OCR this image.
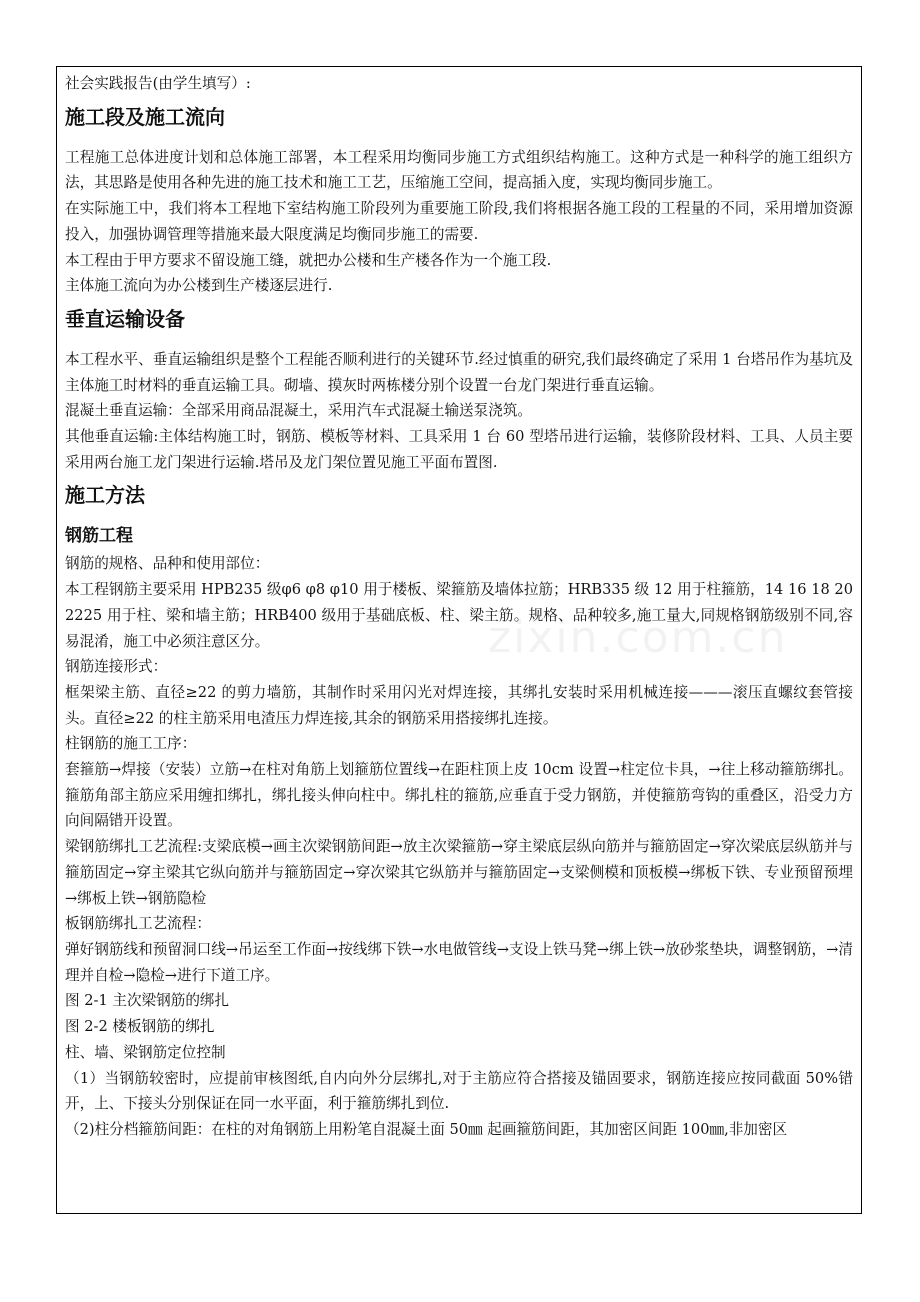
社会实践报告(由学生填写）:

施工段及施工流向

工程施工总体进度计划和总体施工部署，本工程采用均衡同步施工方式组织结构施工。这种方式是一种科学的施工组织方法，其思路是使用各种先进的施工技术和施工工艺，压缩施工空间，提高插入度，实现均衡同步施工。

在实际施工中，我们将本工程地下室结构施工阶段列为重要施工阶段,我们将根据各施工段的工程量的不同，采用增加资源投入，加强协调管理等措施来最大限度满足均衡同步施工的需要.

本工程由于甲方要求不留设施工缝，就把办公楼和生产楼各作为一个施工段.

主体施工流向为办公楼到生产楼逐层进行.

垂直运输设备

本工程水平、垂直运输组织是整个工程能否顺利进行的关键环节.经过慎重的研究,我们最终确定了采用 1 台塔吊作为基坑及主体施工时材料的垂直运输工具。砌墙、摸灰时两栋楼分别个设置一台龙门架进行垂直运输。

混凝土垂直运输：全部采用商品混凝土，采用汽车式混凝土输送泵浇筑。

其他垂直运输:主体结构施工时，钢筋、模板等材料、工具采用 1 台 60 型塔吊进行运输，装修阶段材料、工具、人员主要采用两台施工龙门架进行运输.塔吊及龙门架位置见施工平面布置图.

施工方法
钢筋工程

钢筋的规格、品种和使用部位：

本工程钢筋主要采用 HPB235 级φ6 φ8 φ10 用于楼板、梁箍筋及墙体拉筋；HRB335 级 12 用于柱箍筋，14 16 18 202225 用于柱、梁和墙主筋；HRB400 级用于基础底板、柱、梁主筋。规格、品种较多,施工量大,同规格钢筋级别不同,容易混淆，施工中必须注意区分。

钢筋连接形式：

框架梁主筋、直径≥22 的剪力墙筋，其制作时采用闪光对焊连接，其绑扎安装时采用机械连接———滚压直螺纹套管接头。直径≥22 的柱主筋采用电渣压力焊连接,其余的钢筋采用搭接绑扎连接。

柱钢筋的施工工序：

套箍筋→焊接（安装）立筋→在柱对角筋上划箍筋位置线→在距柱顶上皮 10cm 设置→柱定位卡具，→往上移动箍筋绑扎。箍筋角部主筋应采用缠扣绑扎，绑扎接头伸向柱中。绑扎柱的箍筋,应垂直于受力钢筋，并使箍筋弯钩的重叠区，沿受力方向间隔错开设置。

梁钢筋绑扎工艺流程:支梁底模→画主次梁钢筋间距→放主次梁箍筋→穿主梁底层纵向筋并与箍筋固定→穿次梁底层纵筋并与箍筋固定→穿主梁其它纵向筋并与箍筋固定→穿次梁其它纵筋并与箍筋固定→支梁侧模和顶板模→绑板下铁、专业预留预埋→绑板上铁→钢筋隐检

板钢筋绑扎工艺流程：

弹好钢筋线和预留洞口线→吊运至工作面→按线绑下铁→水电做管线→支设上铁马凳→绑上铁→放砂浆垫块，调整钢筋，→清理并自检→隐检→进行下道工序。

图 2-1 主次梁钢筋的绑扎

图 2-2 楼板钢筋的绑扎

柱、墙、梁钢筋定位控制

（1）当钢筋较密时，应提前审核图纸,自内向外分层绑扎,对于主筋应符合搭接及锚固要求，钢筋连接应按同截面 50%错开，上、下接头分别保证在同一水平面，利于箍筋绑扎到位.

（2)柱分档箍筋间距：在柱的对角钢筋上用粉笔自混凝土面 50㎜ 起画箍筋间距，其加密区间距 100㎜,非加密区

zixin.com.cn
